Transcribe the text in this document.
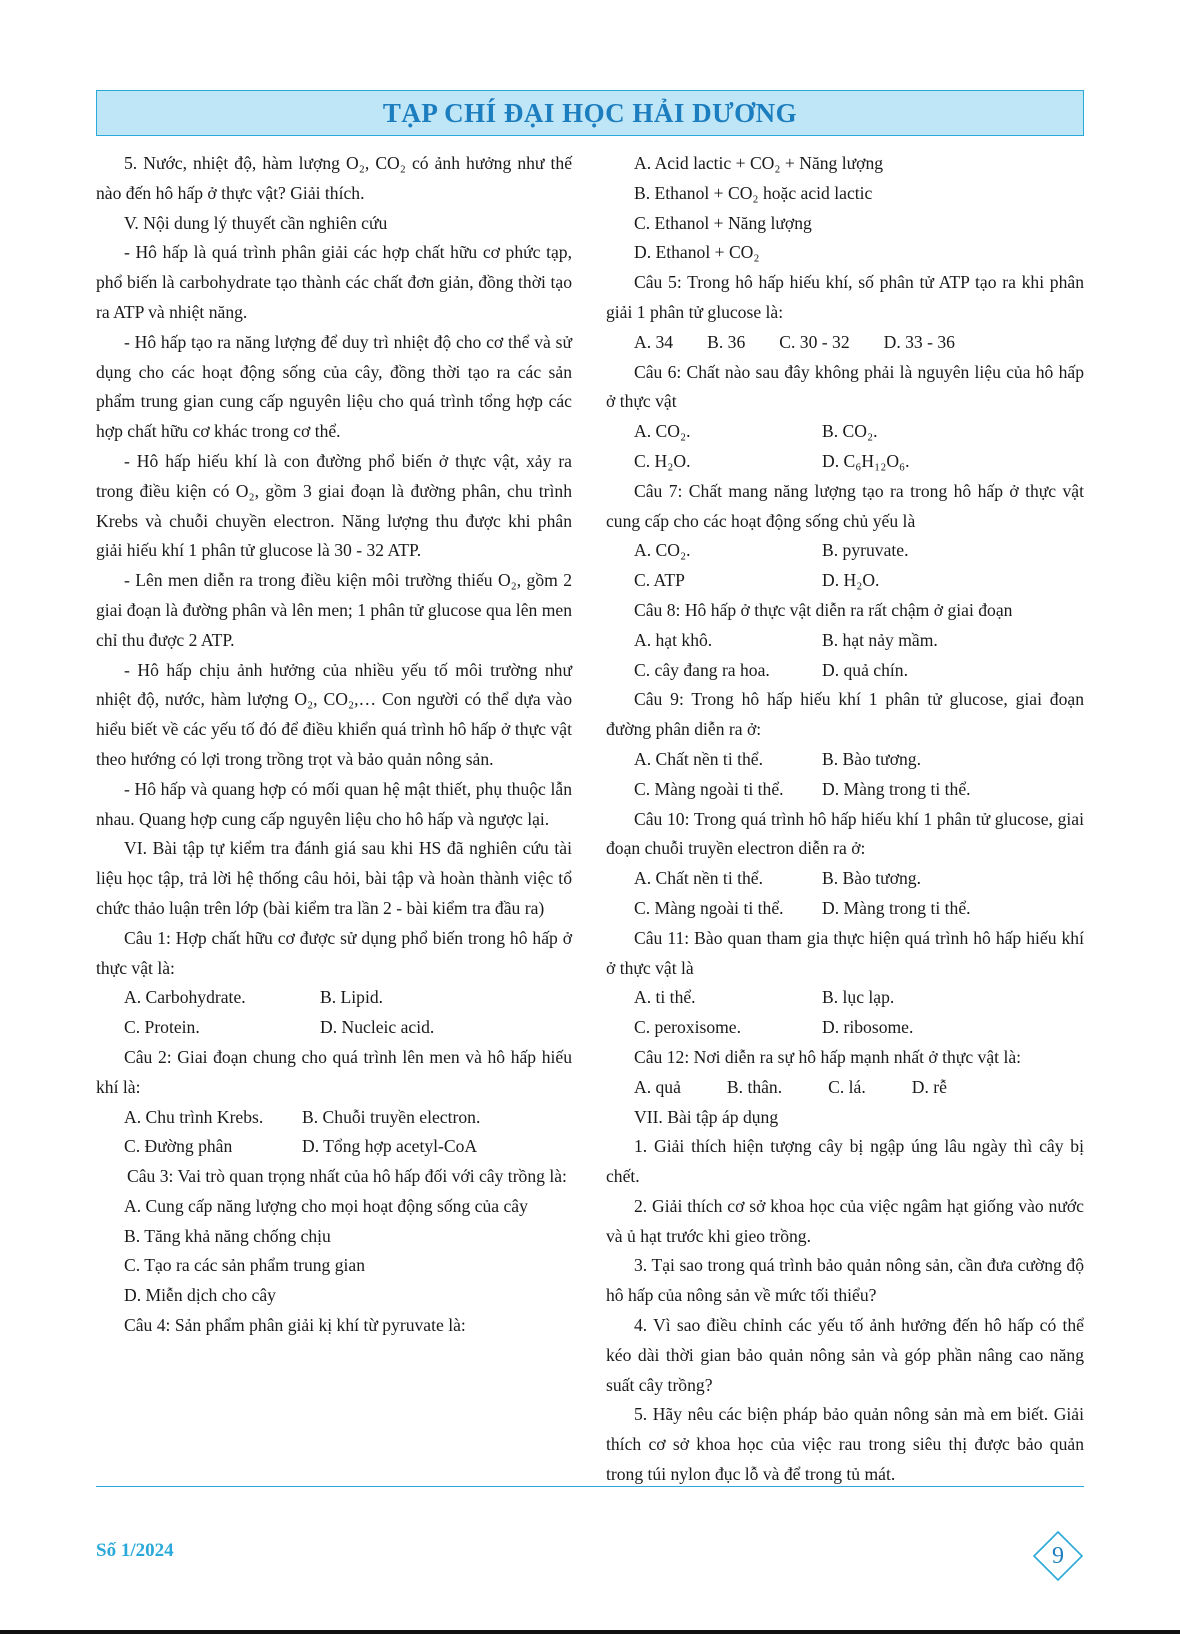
TẠP CHÍ ĐẠI HỌC HẢI DƯƠNG

5. Nước, nhiệt độ, hàm lượng O₂, CO₂ có ảnh hưởng như thế nào đến hô hấp ở thực vật? Giải thích.

V. Nội dung lý thuyết cần nghiên cứu

- Hô hấp là quá trình phân giải các hợp chất hữu cơ phức tạp, phổ biến là carbohydrate tạo thành các chất đơn giản, đồng thời tạo ra ATP và nhiệt năng.

- Hô hấp tạo ra năng lượng để duy trì nhiệt độ cho cơ thể và sử dụng cho các hoạt động sống của cây, đồng thời tạo ra các sản phẩm trung gian cung cấp nguyên liệu cho quá trình tổng hợp các hợp chất hữu cơ khác trong cơ thể.

- Hô hấp hiếu khí là con đường phổ biến ở thực vật, xảy ra trong điều kiện có O₂, gồm 3 giai đoạn là đường phân, chu trình Krebs và chuỗi chuyền electron. Năng lượng thu được khi phân giải hiếu khí 1 phân tử glucose là 30 - 32 ATP.

- Lên men diễn ra trong điều kiện môi trường thiếu O₂, gồm 2 giai đoạn là đường phân và lên men; 1 phân tử glucose qua lên men chỉ thu được 2 ATP.

- Hô hấp chịu ảnh hưởng của nhiều yếu tố môi trường như nhiệt độ, nước, hàm lượng O₂, CO₂,… Con người có thể dựa vào hiểu biết về các yếu tố đó để điều khiển quá trình hô hấp ở thực vật theo hướng có lợi trong trồng trọt và bảo quản nông sản.

- Hô hấp và quang hợp có mối quan hệ mật thiết, phụ thuộc lẫn nhau. Quang hợp cung cấp nguyên liệu cho hô hấp và ngược lại.

VI. Bài tập tự kiểm tra đánh giá sau khi HS đã nghiên cứu tài liệu học tập, trả lời hệ thống câu hỏi, bài tập và hoàn thành việc tổ chức thảo luận trên lớp (bài kiểm tra lần 2 - bài kiểm tra đầu ra)

Câu 1: Hợp chất hữu cơ được sử dụng phổ biến trong hô hấp ở thực vật là:

A. Carbohydrate.	B. Lipid.
C. Protein.	D. Nucleic acid.

Câu 2: Giai đoạn chung cho quá trình lên men và hô hấp hiếu khí là:

A. Chu trình Krebs.	B. Chuỗi truyền electron.
C. Đường phân	D. Tổng hợp acetyl-CoA

Câu 3: Vai trò quan trọng nhất của hô hấp đối với cây trồng là:

A. Cung cấp năng lượng cho mọi hoạt động sống của cây

B. Tăng khả năng chống chịu

C. Tạo ra các sản phẩm trung gian

D. Miễn dịch cho cây

Câu 4: Sản phẩm phân giải kị khí từ pyruvate là:

A. Acid lactic + CO₂ + Năng lượng

B. Ethanol + CO₂ hoặc acid lactic

C. Ethanol + Năng lượng

D. Ethanol + CO₂

Câu 5: Trong hô hấp hiếu khí, số phân tử ATP tạo ra khi phân giải 1 phân tử glucose là:

A. 34 B. 36 C. 30 - 32 D. 33 - 36

Câu 6: Chất nào sau đây không phải là nguyên liệu của hô hấp ở thực vật

A. CO₂.	B. CO₂.
C. H₂O.	D. C₆H₁₂O₆.

Câu 7: Chất mang năng lượng tạo ra trong hô hấp ở thực vật cung cấp cho các hoạt động sống chủ yếu là

A. CO₂.	B. pyruvate.
C. ATP	D. H₂O.

Câu 8: Hô hấp ở thực vật diễn ra rất chậm ở giai đoạn

A. hạt khô.	B. hạt nảy mầm.
C. cây đang ra hoa.	D. quả chín.

Câu 9: Trong hô hấp hiếu khí 1 phân tử glucose, giai đoạn đường phân diễn ra ở:

A. Chất nền ti thể.	B. Bào tương.
C. Màng ngoài ti thể.	D. Màng trong ti thể.

Câu 10: Trong quá trình hô hấp hiếu khí 1 phân tử glucose, giai đoạn chuỗi truyền electron diễn ra ở:

A. Chất nền ti thể.	B. Bào tương.
C. Màng ngoài ti thể.	D. Màng trong ti thể.

Câu 11: Bào quan tham gia thực hiện quá trình hô hấp hiếu khí ở thực vật là

A. ti thể.	B. lục lạp.
C. peroxisome.	D. ribosome.

Câu 12: Nơi diễn ra sự hô hấp mạnh nhất ở thực vật là:

A. quả	B. thân.	C. lá.	D. rễ

VII. Bài tập áp dụng

1. Giải thích hiện tượng cây bị ngập úng lâu ngày thì cây bị chết.

2. Giải thích cơ sở khoa học của việc ngâm hạt giống vào nước và ủ hạt trước khi gieo trồng.

3. Tại sao trong quá trình bảo quản nông sản, cần đưa cường độ hô hấp của nông sản về mức tối thiểu?

4. Vì sao điều chỉnh các yếu tố ảnh hưởng đến hô hấp có thể kéo dài thời gian bảo quản nông sản và góp phần nâng cao năng suất cây trồng?

5. Hãy nêu các biện pháp bảo quản nông sản mà em biết. Giải thích cơ sở khoa học của việc rau trong siêu thị được bảo quản trong túi nylon đục lỗ và để trong tủ mát.

Số 1/2024	9
